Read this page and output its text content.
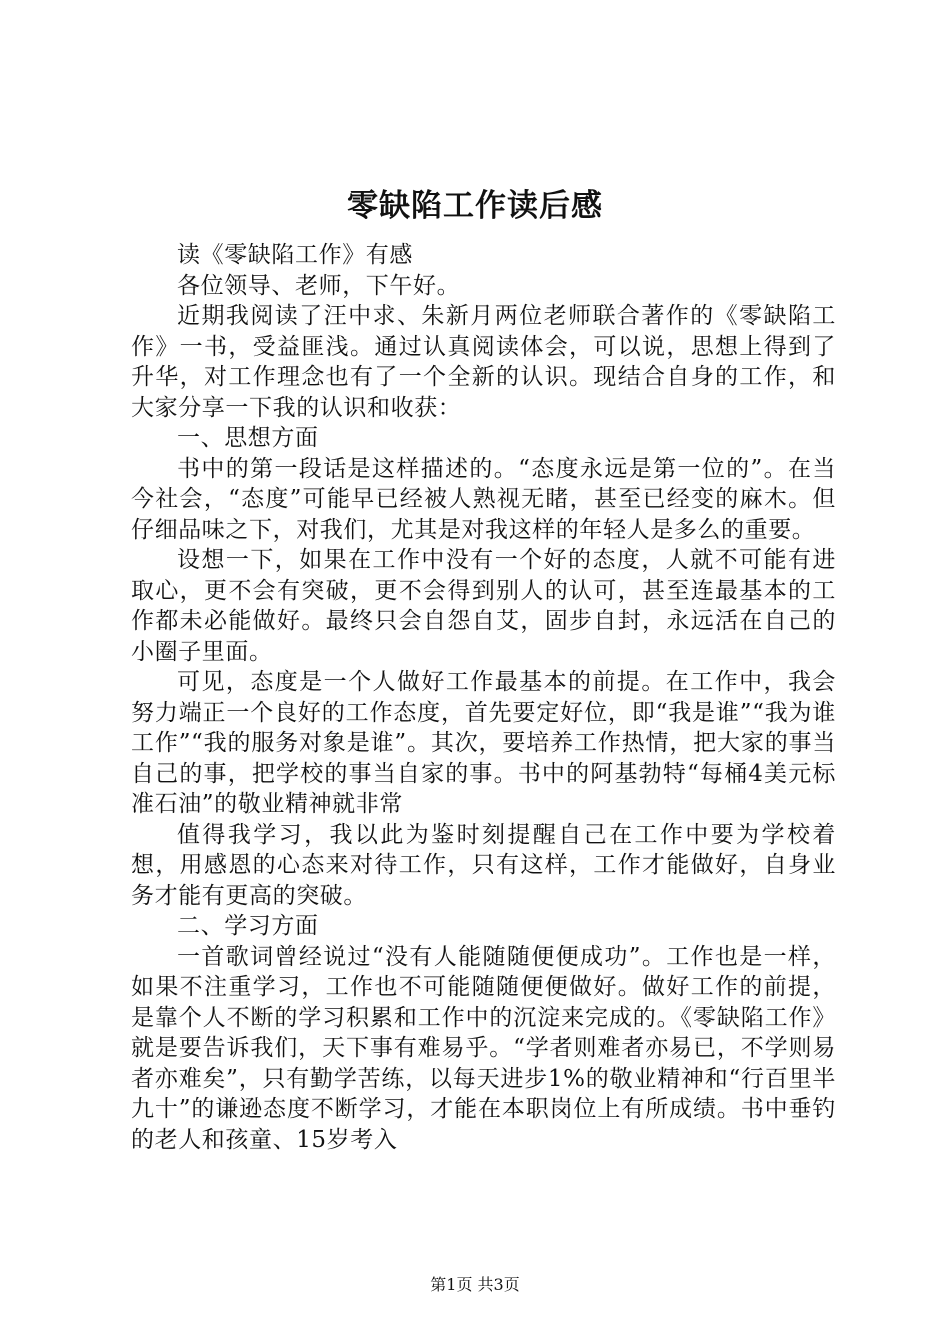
零缺陷工作读后感

读《零缺陷工作》有感

各位领导、老师，下午好。

近期我阅读了汪中求、朱新月两位老师联合著作的《零缺陷工作》一书，受益匪浅。通过认真阅读体会，可以说，思想上得到了升华，对工作理念也有了一个全新的认识。现结合自身的工作，和大家分享一下我的认识和收获：

一、思想方面

书中的第一段话是这样描述的。“态度永远是第一位的”。在当今社会，“态度”可能早已经被人熟视无睹，甚至已经变的麻木。但仔细品味之下，对我们，尤其是对我这样的年轻人是多么的重要。

设想一下，如果在工作中没有一个好的态度，人就不可能有进取心，更不会有突破，更不会得到别人的认可，甚至连最基本的工作都未必能做好。最终只会自怨自艾，固步自封，永远活在自己的小圈子里面。

可见，态度是一个人做好工作最基本的前提。在工作中，我会努力端正一个良好的工作态度，首先要定好位，即“我是谁”“我为谁工作”“我的服务对象是谁”。其次，要培养工作热情，把大家的事当自己的事，把学校的事当自家的事。书中的阿基勃特“每桶4美元标准石油”的敬业精神就非常

值得我学习，我以此为鉴时刻提醒自己在工作中要为学校着想，用感恩的心态来对待工作，只有这样，工作才能做好，自身业务才能有更高的突破。

二、学习方面

一首歌词曾经说过“没有人能随随便便成功”。工作也是一样，如果不注重学习，工作也不可能随随便便做好。做好工作的前提，是靠个人不断的学习积累和工作中的沉淀来完成的。《零缺陷工作》就是要告诉我们，天下事有难易乎。“学者则难者亦易已，不学则易者亦难矣”，只有勤学苦练，以每天进步1%的敬业精神和“行百里半九十”的谦逊态度不断学习，才能在本职岗位上有所成绩。书中垂钓的老人和孩童、15岁考入

第1页 共3页
